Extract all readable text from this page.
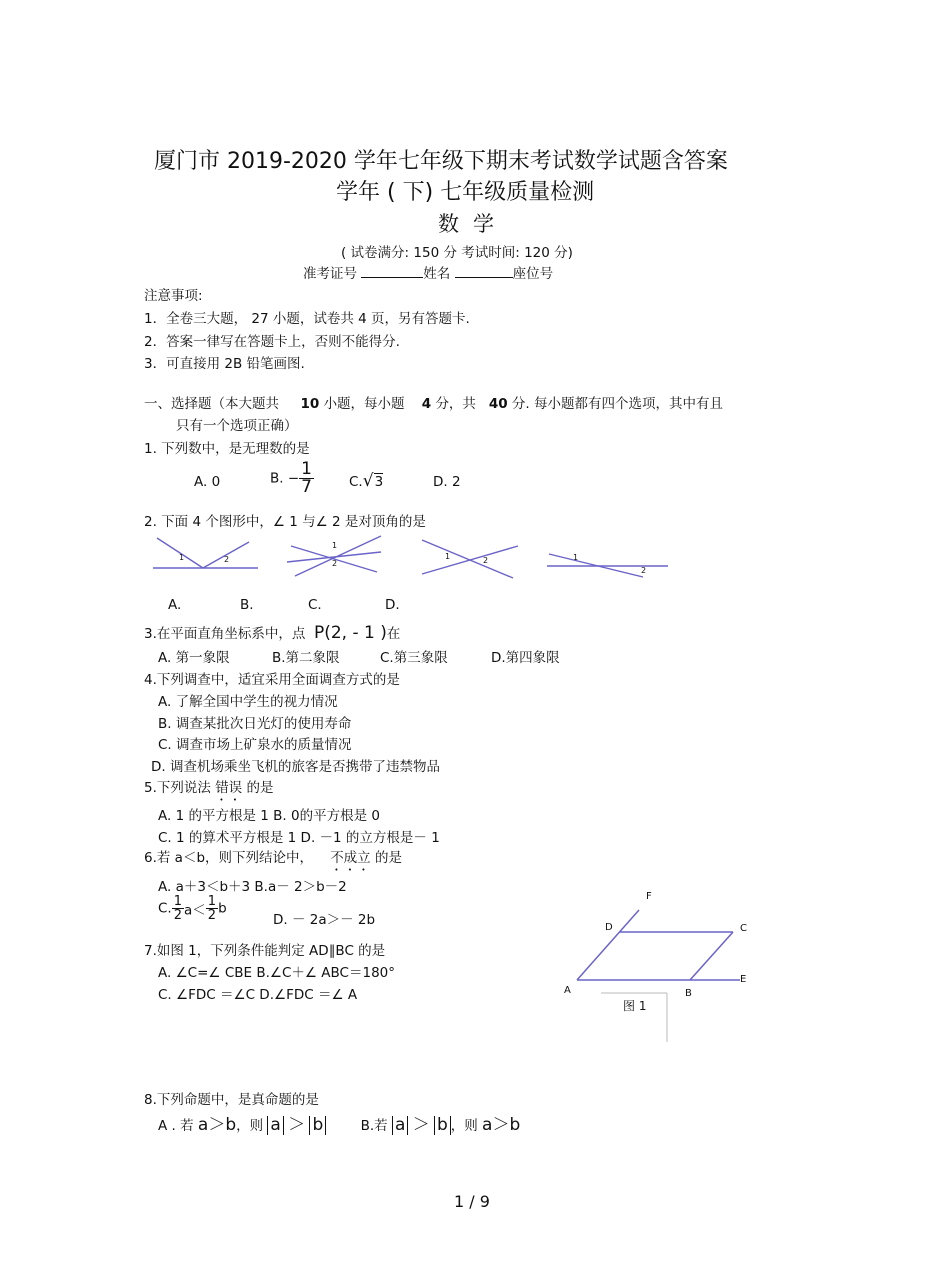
厦门市 2019-2020 学年七年级下期末考试数学试题含答案
学年 ( 下) 七年级质量检测
数学
( 试卷满分: 150 分 考试时间: 120 分)
准考证号	姓名	座位号
注意事项:
1．全卷三大题， 27 小题，试卷共 4 页，另有答题卡.
2．答案一律写在答题卡上，否则不能得分.
3．可直接用 2B 铅笔画图.
一、选择题（本大题共 10 小题，每小题 4 分，共 40 分. 每小题都有四个选项，其中有且
只有一个选项正确）
1. 下列数中，是无理数的是
A. 0	B. − $\frac{1}{7}$	C.√3	D. 2
2. 下面 4 个图形中，∠ 1 与∠ 2 是对顶角的是
1	2
1
2
1	2	1
2
A.	B.	C.	D.
3.在平面直角坐标系中，点 P(2, - 1 )在
A. 第一象限	B.第二象限	C.第三象限	D.第四象限
4.下列调查中，适宜采用全面调查方式的是
A. 了解全国中学生的视力情况
B. 调查某批次日光灯的使用寿命
C. 调查市场上矿泉水的质量情况
D. 调查机场乘坐飞机的旅客是否携带了违禁物品
5.下列说法 错误 的是
A. 1 的平方根是 1 B. 0的平方根是 0
C. 1 的算术平方根是 1 D. －1 的立方根是－ 1
6.若 a＜b，则下列结论中， 不成立 的是
A. a＋3＜b＋3 B.a－ 2＞b－2
C. $\frac{1}{2} a< \frac{1}{2}$ b
D. － 2a＞－ 2b
7.如图 1，下列条件能判定 AD∥BC 的是
A. ∠C=∠ CBE B.∠C＋∠ ABC＝180°
C. ∠FDC ＝∠C D.∠FDC ＝∠ A	A	B
C
D
E
F
图 1
8.下列命题中，是真命题的是
A . 若 a＞b，则 a ＞ b	B.若 a ＞ b ，则 a＞b
1 / 9
